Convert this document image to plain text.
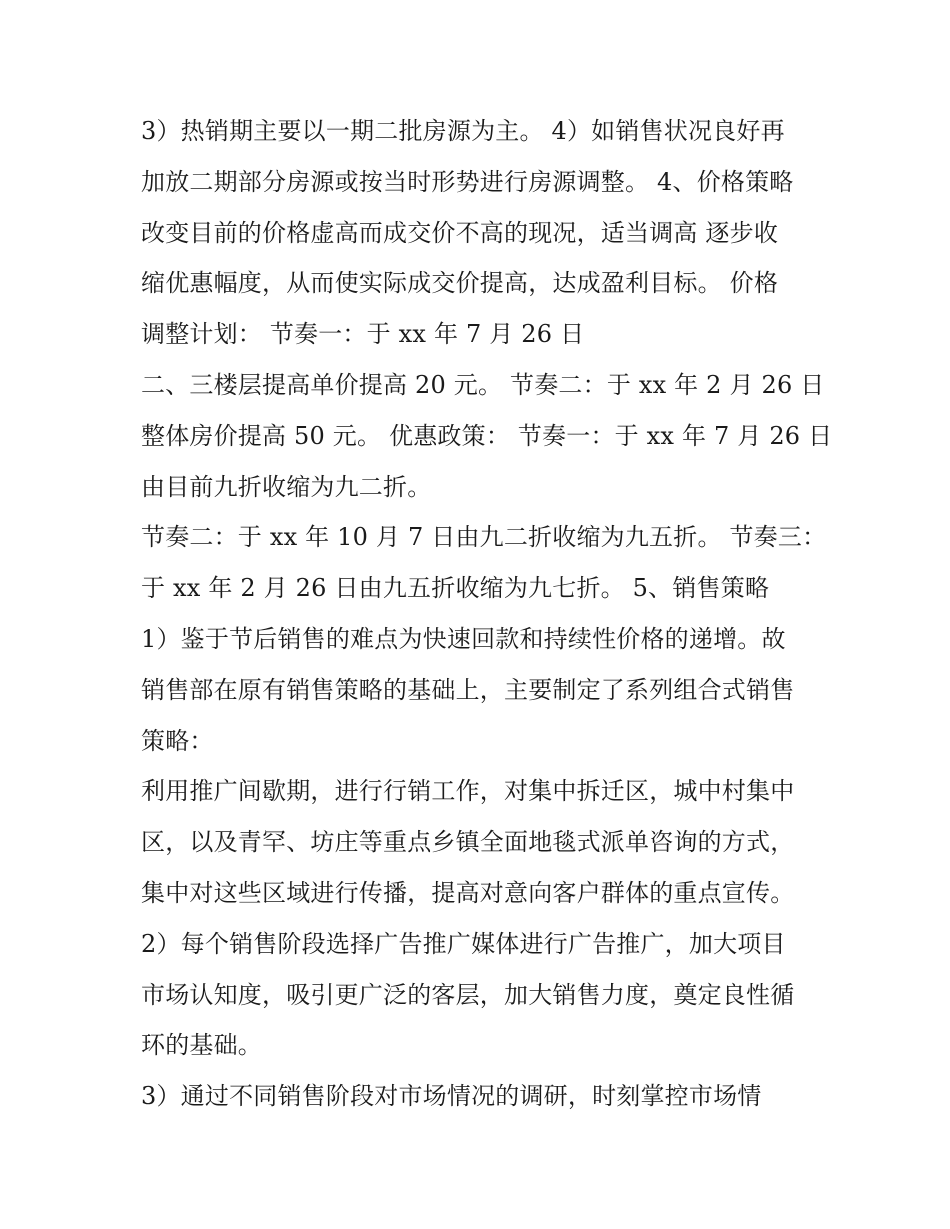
3）热销期主要以一期二批房源为主。 4）如销售状况良好再
加放二期部分房源或按当时形势进行房源调整。 4、价格策略
改变目前的价格虚高而成交价不高的现况，适当调高 逐步收
缩优惠幅度，从而使实际成交价提高，达成盈利目标。 价格
调整计划： 节奏一：于 xx 年 7 月 26 日
二、三楼层提高单价提高 20 元。 节奏二：于 xx 年 2 月 26 日
整体房价提高 50 元。 优惠政策： 节奏一：于 xx 年 7 月 26 日
由目前九折收缩为九二折。
节奏二：于 xx 年 10 月 7 日由九二折收缩为九五折。 节奏三：
于 xx 年 2 月 26 日由九五折收缩为九七折。 5、销售策略
1）鉴于节后销售的难点为快速回款和持续性价格的递增。故
销售部在原有销售策略的基础上，主要制定了系列组合式销售
策略：
利用推广间歇期，进行行销工作，对集中拆迁区，城中村集中
区，以及青罕、坊庄等重点乡镇全面地毯式派单咨询的方式，
集中对这些区域进行传播，提高对意向客户群体的重点宣传。
2）每个销售阶段选择广告推广媒体进行广告推广，加大项目
市场认知度，吸引更广泛的客层，加大销售力度，奠定良性循
环的基础。
3）通过不同销售阶段对市场情况的调研，时刻掌控市场情
